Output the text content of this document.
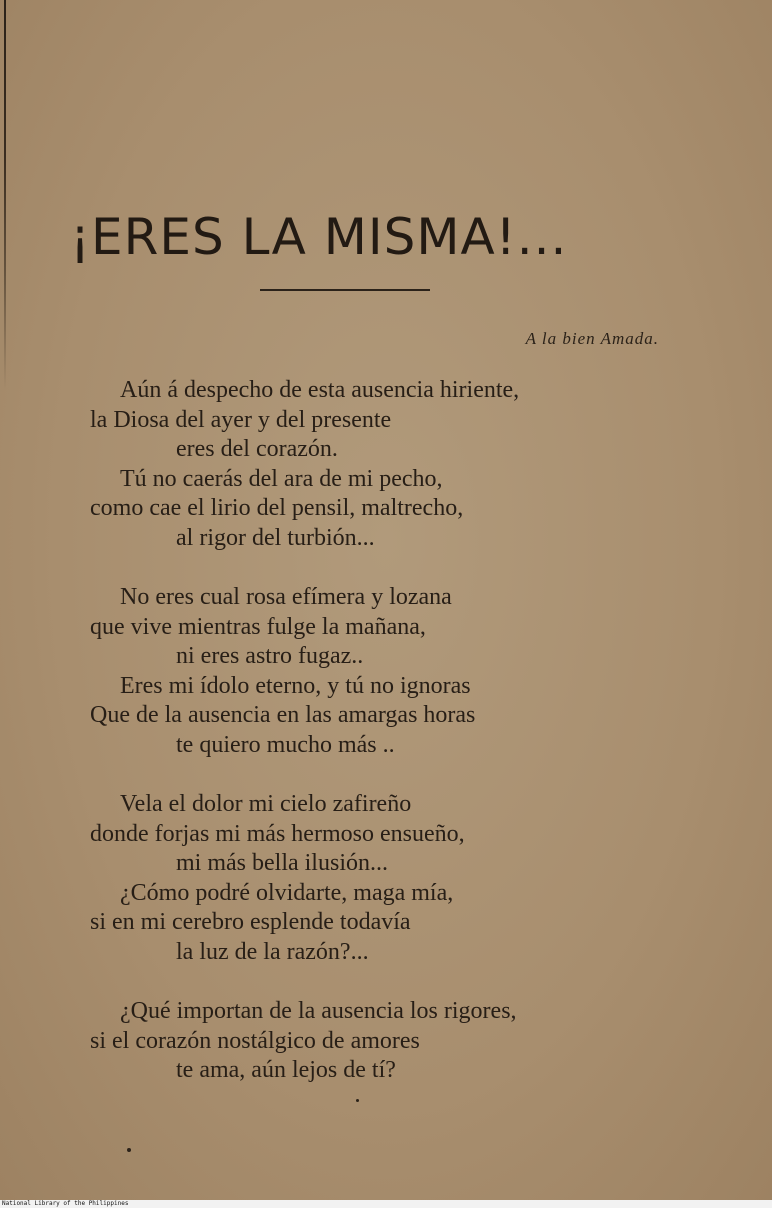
¡ERES LA MISMA!...
A la bien Amada.
Aún á despecho de esta ausencia hiriente,
la Diosa del ayer y del presente
eres del corazón.
Tú no caerás del ara de mi pecho,
como cae el lirio del pensil, maltrecho,
al rigor del turbión...
No eres cual rosa efímera y lozana
que vive mientras fulge la mañana,
ni eres astro fugaz..
Eres mi ídolo eterno, y tú no ignoras
Que de la ausencia en las amargas horas
te quiero mucho más ..
Vela el dolor mi cielo zafireño
donde forjas mi más hermoso ensueño,
mi más bella ilusión...
¿Cómo podré olvidarte, maga mía,
si en mi cerebro esplende todavía
la luz de la razón?...
¿Qué importan de la ausencia los rigores,
si el corazón nostálgico de amores
te ama, aún lejos de tí?
National Library of the Philippines
